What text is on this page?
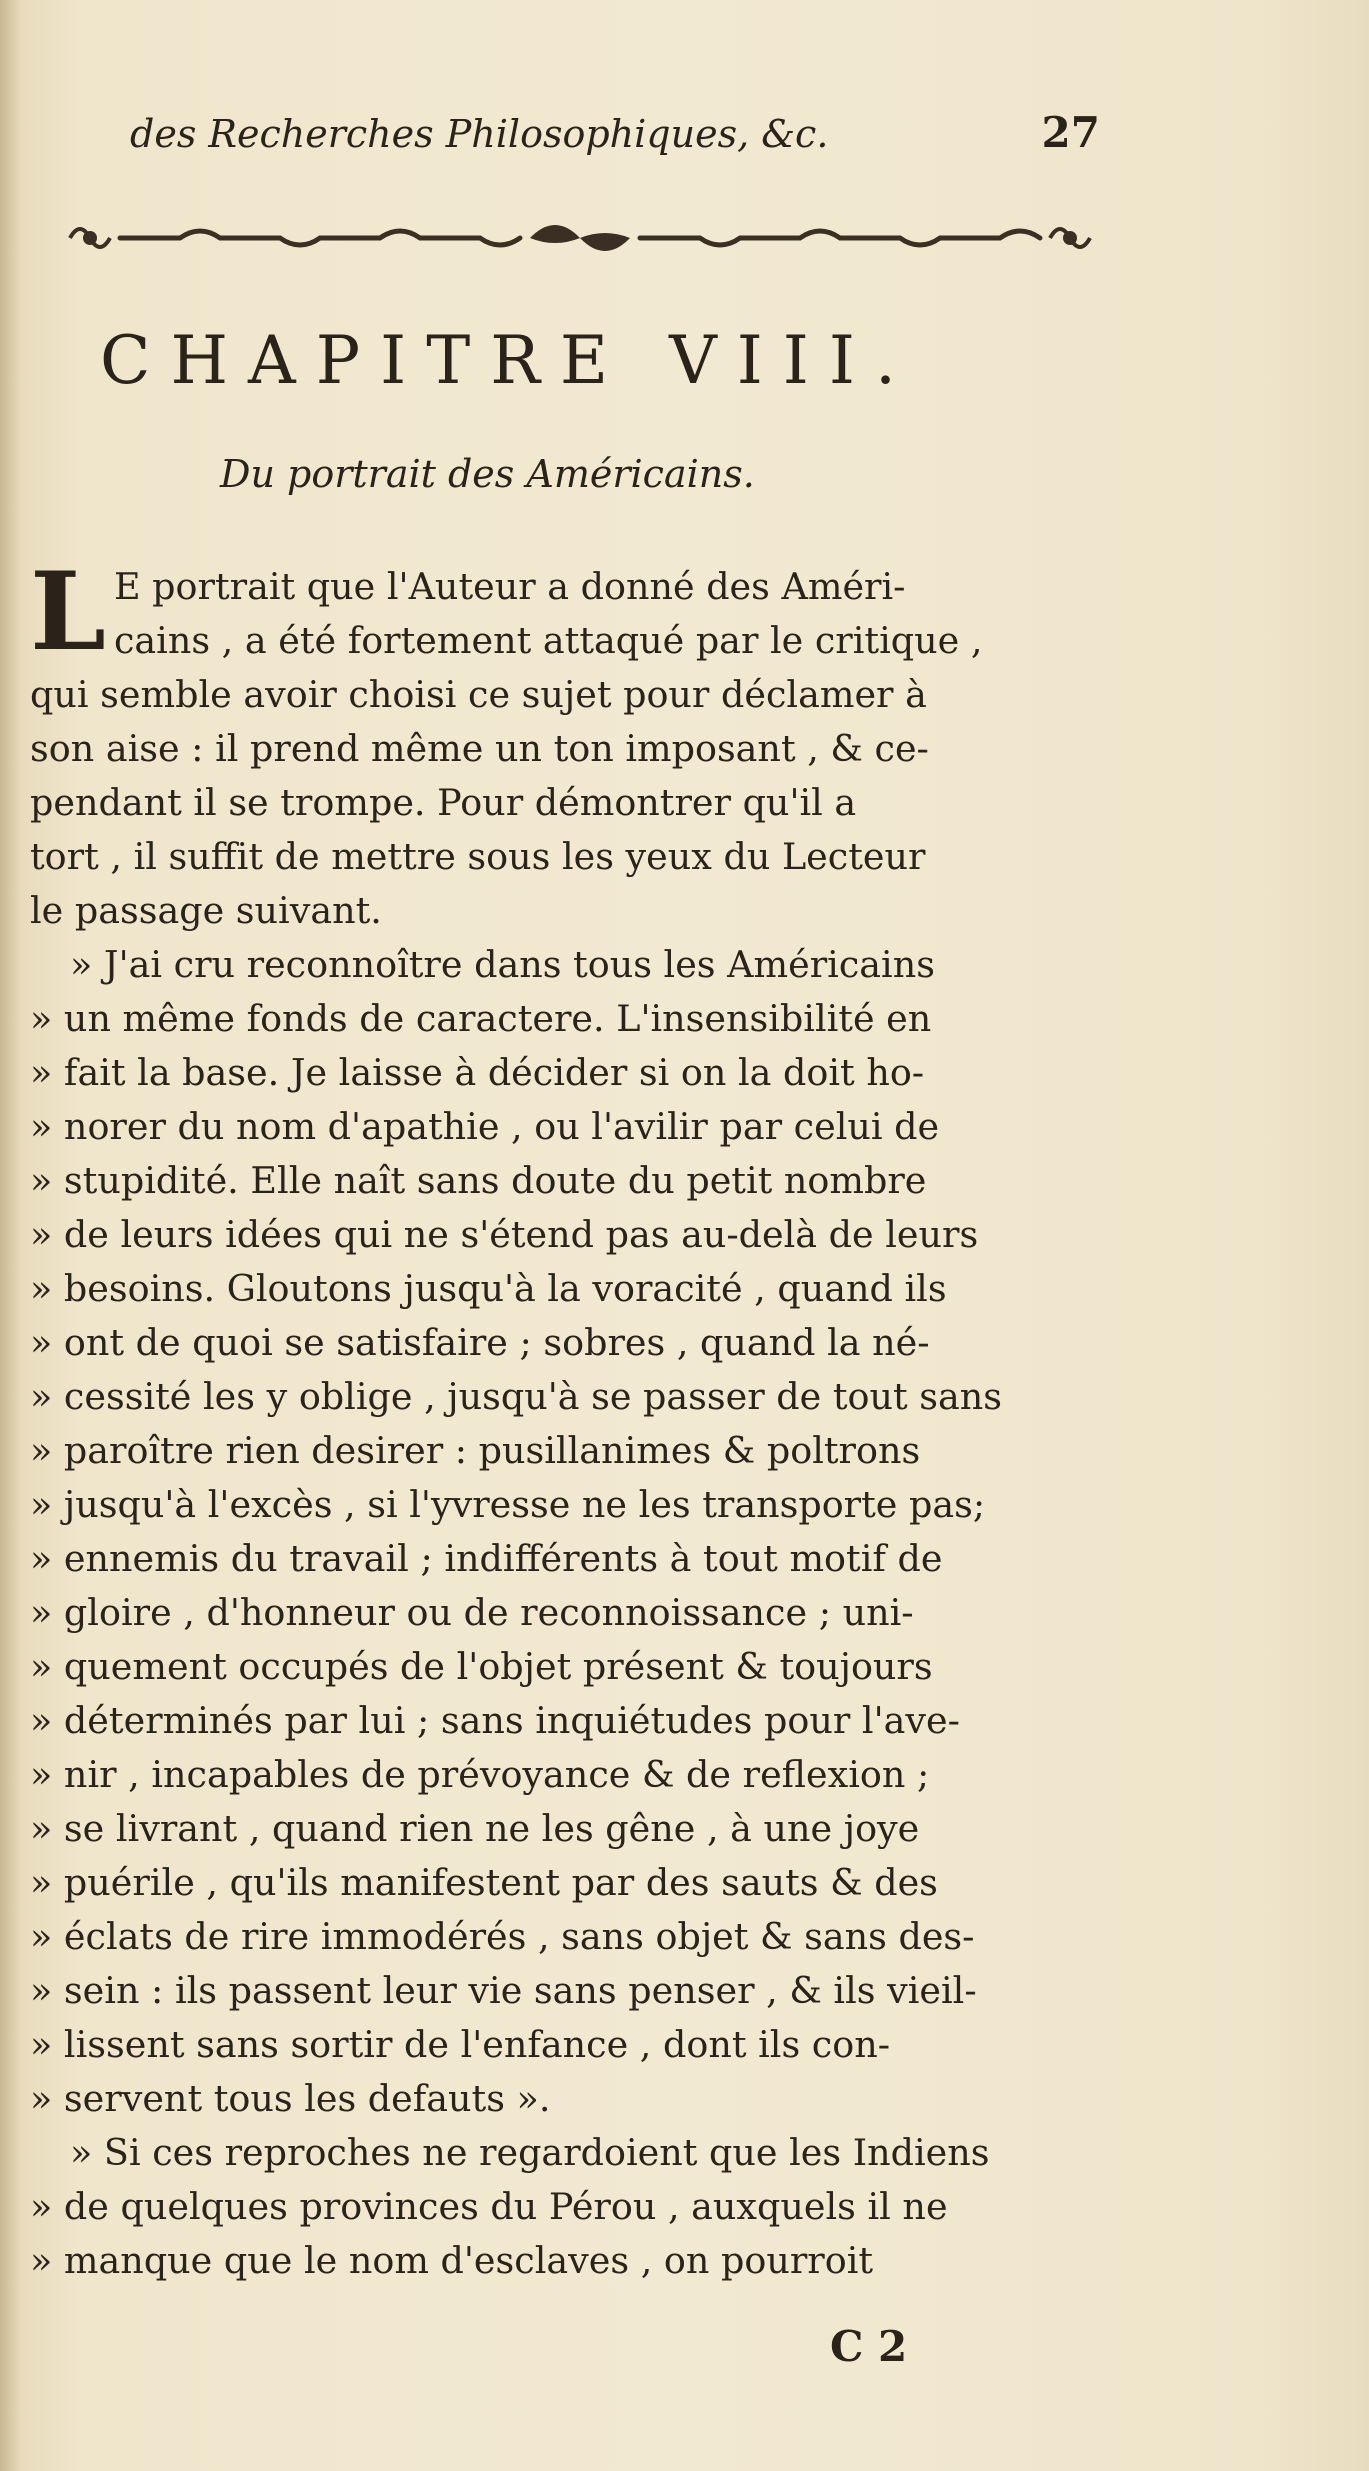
des Recherches Philosophiques, &c.	27
CHAPITRE VIII.
Du portrait des Américains.
L E portrait que l'Auteur a donné des Améri-
cains , a été fortement attaqué par le critique ,
qui semble avoir choisi ce sujet pour déclamer à
son aise : il prend même un ton imposant , & ce-
pendant il se trompe. Pour démontrer qu'il a
tort , il suffit de mettre sous les yeux du Lecteur
le passage suivant.
» J'ai cru reconnoître dans tous les Américains
» un même fonds de caractere. L'insensibilité en
» fait la base. Je laisse à décider si on la doit ho-
» norer du nom d'apathie , ou l'avilir par celui de
» stupidité. Elle naît sans doute du petit nombre
» de leurs idées qui ne s'étend pas au-delà de leurs
» besoins. Gloutons jusqu'à la voracité , quand ils
» ont de quoi se satisfaire ; sobres , quand la né-
» cessité les y oblige , jusqu'à se passer de tout sans
» paroître rien desirer : pusillanimes & poltrons
» jusqu'à l'excès , si l'yvresse ne les transporte pas;
» ennemis du travail ; indifférents à tout motif de
» gloire , d'honneur ou de reconnoissance ; uni-
» quement occupés de l'objet présent & toujours
» déterminés par lui ; sans inquiétudes pour l'ave-
» nir , incapables de prévoyance & de reflexion ;
» se livrant , quand rien ne les gêne , à une joye
» puérile , qu'ils manifestent par des sauts & des
» éclats de rire immodérés , sans objet & sans des-
» sein : ils passent leur vie sans penser , & ils vieil-
» lissent sans sortir de l'enfance , dont ils con-
» servent tous les defauts ».
» Si ces reproches ne regardoient que les Indiens
» de quelques provinces du Pérou , auxquels il ne
» manque que le nom d'esclaves , on pourroit
C 2
